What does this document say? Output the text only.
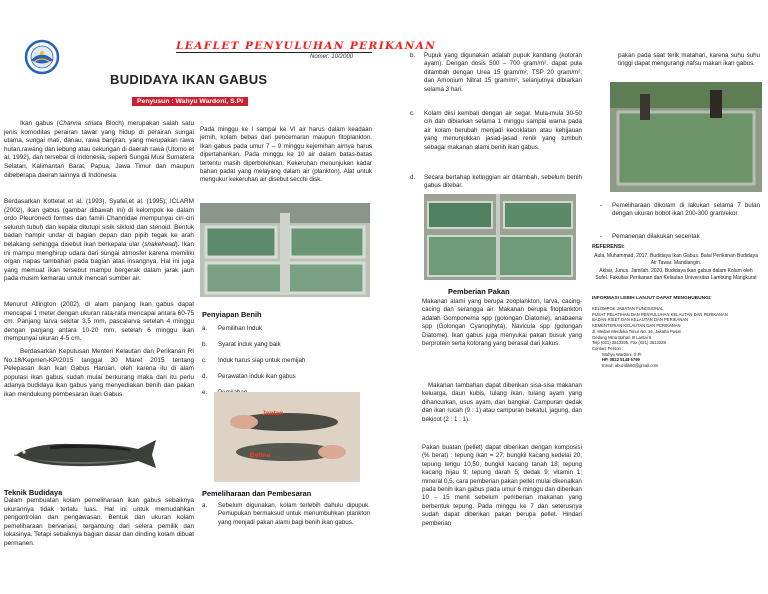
Ikan gabus (Channa striata Bloch) merupakan salah satu jenis komoditas perairan tawar yang hidup di perairan sungai utama, sungai mati, danau, rawa banjiran, yang merupakan rawa hutan,rawang dan lebung atau cekungan di daerah rawa (Utomo et al, 1992), dan tersebar di Indonesia, seperti Sungai Musi Sumatera Selatan, Kalimantan Barat, Papua, Jawa Timur dan maupun dibeberapa daerah lainnya di Indonesia.
Berdasarkan Kottelat et al. (1993), Syafei,et al. (1995); ICLARM (2002), ikan gabus (gambar dibawah ini) di kelompok ke dalam ordo Pleuronecti formes dan famili Channidae mempunyai ciri-ciri seluruh tubuh dan kepala ditutupi sisik sikloid dan stenoid. Bentuk badan hampir undar di bagian depan dan pipih tegak ke arah belakang sehingga disebut ikan berkepala ular (snakehead). Ikan ini mampu menghirup udara dari sungai atmosfer karena memiliki organ napas tambahan pada bagian atas insangnya. Hal ini juga yang memuat ikan tersebut mampu bergerak dalam jarak jauh pada musim kemarau untuk mencari sumber air.
Menurut Allington (2002), di alam panjang ikan gabus dapat mencapai 1 meter dengan ukuran rata-rata mencapai antara 60-75 cm. Panjang larva sekitar 3,5 mm, pascalarva setelah 4 minggu dengan panjang antara 10-20 mm, setelah 6 minggu ikan mempunyai ukuran 4-5 cm.
Berdasarkan Keputusan Menteri Kelautan dan Perikanan RI No.18/Kepmen-KP/2015 tanggal 30 Maret 2015 tentang Pelepasan Ikan Ikan Gabus Haruan, oleh karena itu di alam populasi ikan gabus sudah mulai berkurang maka dari itu perlu adanya budidaya ikan gabus yang menyediakan benih dan pakan ikan mendukung pembesaran ikan Gabus.
Teknik Budidaya
Dalam pembuatan kolam pemeliharaan ikan gabus sebaiknya ukurannya tidak terlalu luas. Hal ini untuk memudahkan pengontrolan dan pengawasan. Bentuk dan ukuran kolam pemeliharaan bervariasi, tergantung dari selera pemilik dan lokasinya. Tetapi sebaiknya bagian dasar dan dinding kolam dibuat permanen.
LEAFLET PENYULUHAN PERIKANAN
Nomer: 10/2000
BUDIDAYA IKAN GABUS
Penyusun : Wahyu Wardoni, S.Pi
Pada minggu ke I sampai ke VI air harus dalam keadaan jernih, kolam bebas dari pencemaran maupun fitoplankton. Ikan gabus pada umur 7 – 9 minggu kejernihan airnya harus dipertahankan. Pada minggu ke 10 air dalam batas-batas tertentu masih diperbolehkan. Kekeruhan menunjukan kadar bahan padat yang melayang dalam air (plankton). Alat untuk mengukur kekeruhan air disebut secchi disk.
Penyiapan Benih
a.	Pemilihan Induk
b.	Syarat induk yang baik
c.	Induk harus siap untuk memijah
d.	Perawatan induk ikan gabus
e.
Jantan
Betina
Pemeliharaan dan Pembesaran
a.	Sebelum digunakan, kolam terlebih dahulu dipupuk. Pemupukan bermaksud untuk menumbuhkan plankton yang menjadi pakan alami bagi benih ikan gabus.
b.	Pupuk yang digunakan adalah pupuk kandang (kotoran ayam). Dengan dosis 500 – 700 gram/m². dapat pula ditambah dengan Urea 15 gram/m², TSP 20 gram/m², dan Amonium Nitrat 15 gram/m², selanjutnya dibiarkan selama 3 hari.
c.	Kolam diisi kembali dengan air segar. Mula-mula 30-50 cm dan dibiarkan selama 1 minggu sampai warna pada air kolam berubah menjadi kecoklatan atau kehijauan yang menunjukkan jasad-jasad renik yang tumbuh sebagai makanan alami benih ikan gabus.
d.	Secara bertahap ketinggian air ditambah, sebelum benih gabus ditebar.
Pemberian Pakan
Makanan alami yang berupa zooplankton, larva, cacing-cacing dan serangga air. Makanan berupa fitoplankton adalah Gomponema spp (golongan Diatome), anabaena spp (Golongan Cyanophyta), Navicula spp (golongan Diatome). Ikan gabus juga menyukai pakan busuk yang berprotein serta kotorang yang berasal dari kakus.
Makanan tambahan dapat diberikan sisa-sisa makanan keluarga, daun kubis, tulang ikan, tulang ayam yang dihancurkan, usus ayam, dan bangkai. Campuran dedak dan ikan rucah (9 : 1) atau campuran bekatul, jagung, dan bekicot (2 : 1 : 1).
Pakan buatan (pellet) dapat diberikan dengan komposisi (% berat) : tepung ikan = 27; bungkil kacang kedelai 20; tepung terigu 10,50; bungkil kacang tanah 18; tepung kacang hijau 9; tepung darah 5; dedak 9; vitamin 1; mineral 0,5. cara pemberian pakan pellet mulai dikenalkan pada benih ikan gabus pada umur 6 minggu dan diberikan 10 – 15 menit sebelum pemberian makanan yang berbentuk tepung. Pada minggu ke 7 dan seterusnya sudah dapat diberikan pakan berupa pellet. Hindari pemberian
pakan pada saat terik matahari, karena suhu suhu tinggi dapat mengurangi nafsu makan ikan gabus.
-	Pemeliharaan dikolam di lakukan selama 7 bulan dengan ukuran bobot ikan 200-300 gram/ekor
-	Pemanenan dilakukan secentak
REFERENSI:
Aula, Muhammad. 2017. Budidaya Ikan Gabus. Balai Perikanan Budidaya Air Tawar. Mandiangin.
Akbar, Junus. Jamilah. 2020. Budidaya ikan gabus dalam Kolam oleh Sufel. Fakultas Perikanan dan Kelautan Universitas Lambung Mangkurat
INFORMASI LEBIH LANJUT DAPAT MENGHUBUNGI:
KELOMPOK JABATAN FUNGSIONAL
PUSAT PELATIHAN DAN PENYULUHAN KELAUTAN DAN PERIKANAN
BADAN RISET DAN KELAUTAN DAN PERIKANAN
KEMENTERIAN KELAUTAN DAN PERIKANAN
Jl. Medan Merdeka Timur No. 16, Jakarta Pusat
Gedung Mina Bahari III Lantai 6
Telp (021) 3513295, Fax (021) 3513228
Contact Person :
Wahyu Wardoni, S.Pi
HP. 0822 5148 6799
Email: abuzidik60@gmail.com
